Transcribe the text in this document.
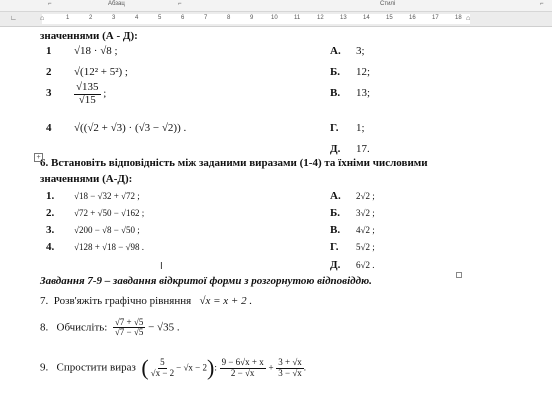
⌐	Абзац	⌐	Стилі	⌐
∟	⌂	1	2	3	4	5	6	7	8	9	10	11	12	13	14	15	16	17	18 ⌂
значеннями (А - Д):
1 √18 · √8 ;	А. 3;
2 √(12² + 5²) ;	Б. 12;
$3 \frac{√135}{√15}$ ;	В. 13;
4 √((√2 + √3) · (√3 − √2)) .	Г. 1;
Д. 17.
6. Встановіть відповідність між заданими виразами (1-4) та їхніми числовими
значеннями (А-Д):
1. √18 − √32 + √72 ;	А. 2√2 ;
2. √72 + √50 − √162 ;	Б. 3√2 ;
3. √200 − √8 − √50 ;	В. 4√2 ;
4. √128 + √18 − √98 .	Г. 5√2 ;
Д. 6√2 .
Завдання 7-9 – завдання відкритої форми з розгорнутою відповіддю.
7. Розв'яжіть графічно рівняння √x = x + 2 .
8. Обчисліть: $\frac{√7 + √5}{√7 - √5} - √35$ .
9. Спростити вираз ( $\frac{5}{√x - 2} - √x - 2$): $\frac{9 - 6√x + x}{2 - √x} + \frac{3 + √x}{3 - √x}$ .
+
I
